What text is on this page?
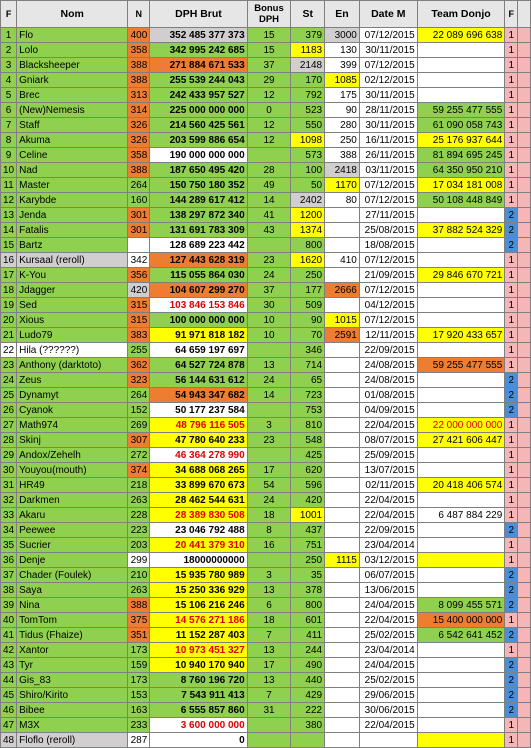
F	Nom	N	DPH Brut	Bonus DPH	St	En	Date M	Team Donjo	F	
1	Flo	400	352 485 377 373	15	379	3000	07/12/2015	22 089 696 638	1	
2	Lolo	358	342 995 242 685	15	1183	130	30/11/2015		1	
3	Blacksheeper	388	271 884 671 533	37	2148	399	07/12/2015		1	
4	Gniark	388	255 539 244 043	29	170	1085	02/12/2015		1	
5	Brec	313	242 433 957 527	12	792	175	30/11/2015		1	
6	(New)Nemesis	314	225 000 000 000	0	523	90	28/11/2015	59 255 477 555	1	
7	Staff	326	214 560 425 561	12	550	280	30/11/2015	61 090 058 743	1	
8	Akuma	326	203 599 886 654	12	1098	250	16/11/2015	25 176 937 644	1	
9	Celine	358	190 000 000 000		573	388	26/11/2015	81 894 695 245	1	
10	Nad	388	187 650 495 420	28	100	2418	03/11/2015	64 350 950 210	1	
11	Master	264	150 750 180 352	49	50	1170	07/12/2015	17 034 181 008	1	
12	Karybde	160	144 289 617 412	14	2402	80	07/12/2015	50 108 448 849	1	
13	Jenda	301	138 297 872 340	41	1200		27/11/2015		2	
14	Fatalis	301	131 691 783 309	43	1374		25/08/2015	37 882 524 329	2	
15	Bartz		128 689 223 442		800		18/08/2015		2	
16	Kursaal (reroll)	342	127 443 628 319	23	1620	410	07/12/2015		1	
17	K-You	356	115 055 864 030	24	250		21/09/2015	29 846 670 721	1	
18	Jdagger	420	104 607 299 270	37	177	2666	07/12/2015		1	
19	Sed	315	103 846 153 846	30	509		04/12/2015		1	
20	Xious	315	100 000 000 000	10	90	1015	07/12/2015		1	
21	Ludo79	383	91 971 818 182	10	70	2591	12/11/2015	17 920 433 657	1	
22	Hila (??????)	255	64 659 197 697		346		22/09/2015		1	
23	Anthony (darktoto)	362	64 527 724 878	13	714		24/08/2015	59 255 477 555	1	
24	Zeus	323	56 144 631 612	24	65		24/08/2015		2	
25	Dynamyt	264	54 943 347 682	14	723		01/08/2015		2	
26	Cyanok	152	50 177 237 584		753		04/09/2015		2	
27	Math974	269	48 796 116 505	3	810		22/04/2015	22 000 000 000	1	
28	Skinj	307	47 780 640 233	23	548		08/07/2015	27 421 606 447	1	
29	Andox/Zehelh	272	46 364 278 990		425		25/09/2015		1	
30	Youyou(mouth)	374	34 688 068 265	17	620		13/07/2015		1	
31	HR49	218	33 899 670 673	54	596		02/11/2015	20 418 406 574	1	
32	Darkmen	263	28 462 544 631	24	420		22/04/2015		1	
33	Akaru	228	28 389 830 508	18	1001		22/04/2015	6 487 884 229	1	
34	Peewee	223	23 046 792 488	8	437		22/09/2015		2	
35	Sucrier	203	20 441 379 310	16	751		23/04/2014		1	
36	Denje	299	18000000000		250	1115	03/12/2015		1	
37	Chader (Foulek)	210	15 935 780 989	3	35		06/07/2015		2	
38	Saya	263	15 250 336 929	13	378		13/06/2015		2	
39	Nina	388	15 106 216 246	6	800		24/04/2015	8 099 455 571	2	
40	TomTom	375	14 576 271 186	18	601		22/04/2015	15 400 000 000	1	
41	Tidus (Fhaize)	351	11 152 287 403	7	411		25/02/2015	6 542 641 452	2	
42	Xantor	173	10 973 451 327	13	244		23/04/2014		1	
43	Tyr	159	10 940 170 940	17	490		24/04/2015		2	
44	Gis_83	173	8 760 196 720	13	440		25/02/2015		2	
45	Shiro/Kirito	153	7 543 911 413	7	429		29/06/2015		2	
46	Bibee	163	6 555 857 860	31	222		30/06/2015		2	
47	M3X	233	3 600 000 000		380		22/04/2015		1	
48	Floflo (reroll)	287	0						1	
